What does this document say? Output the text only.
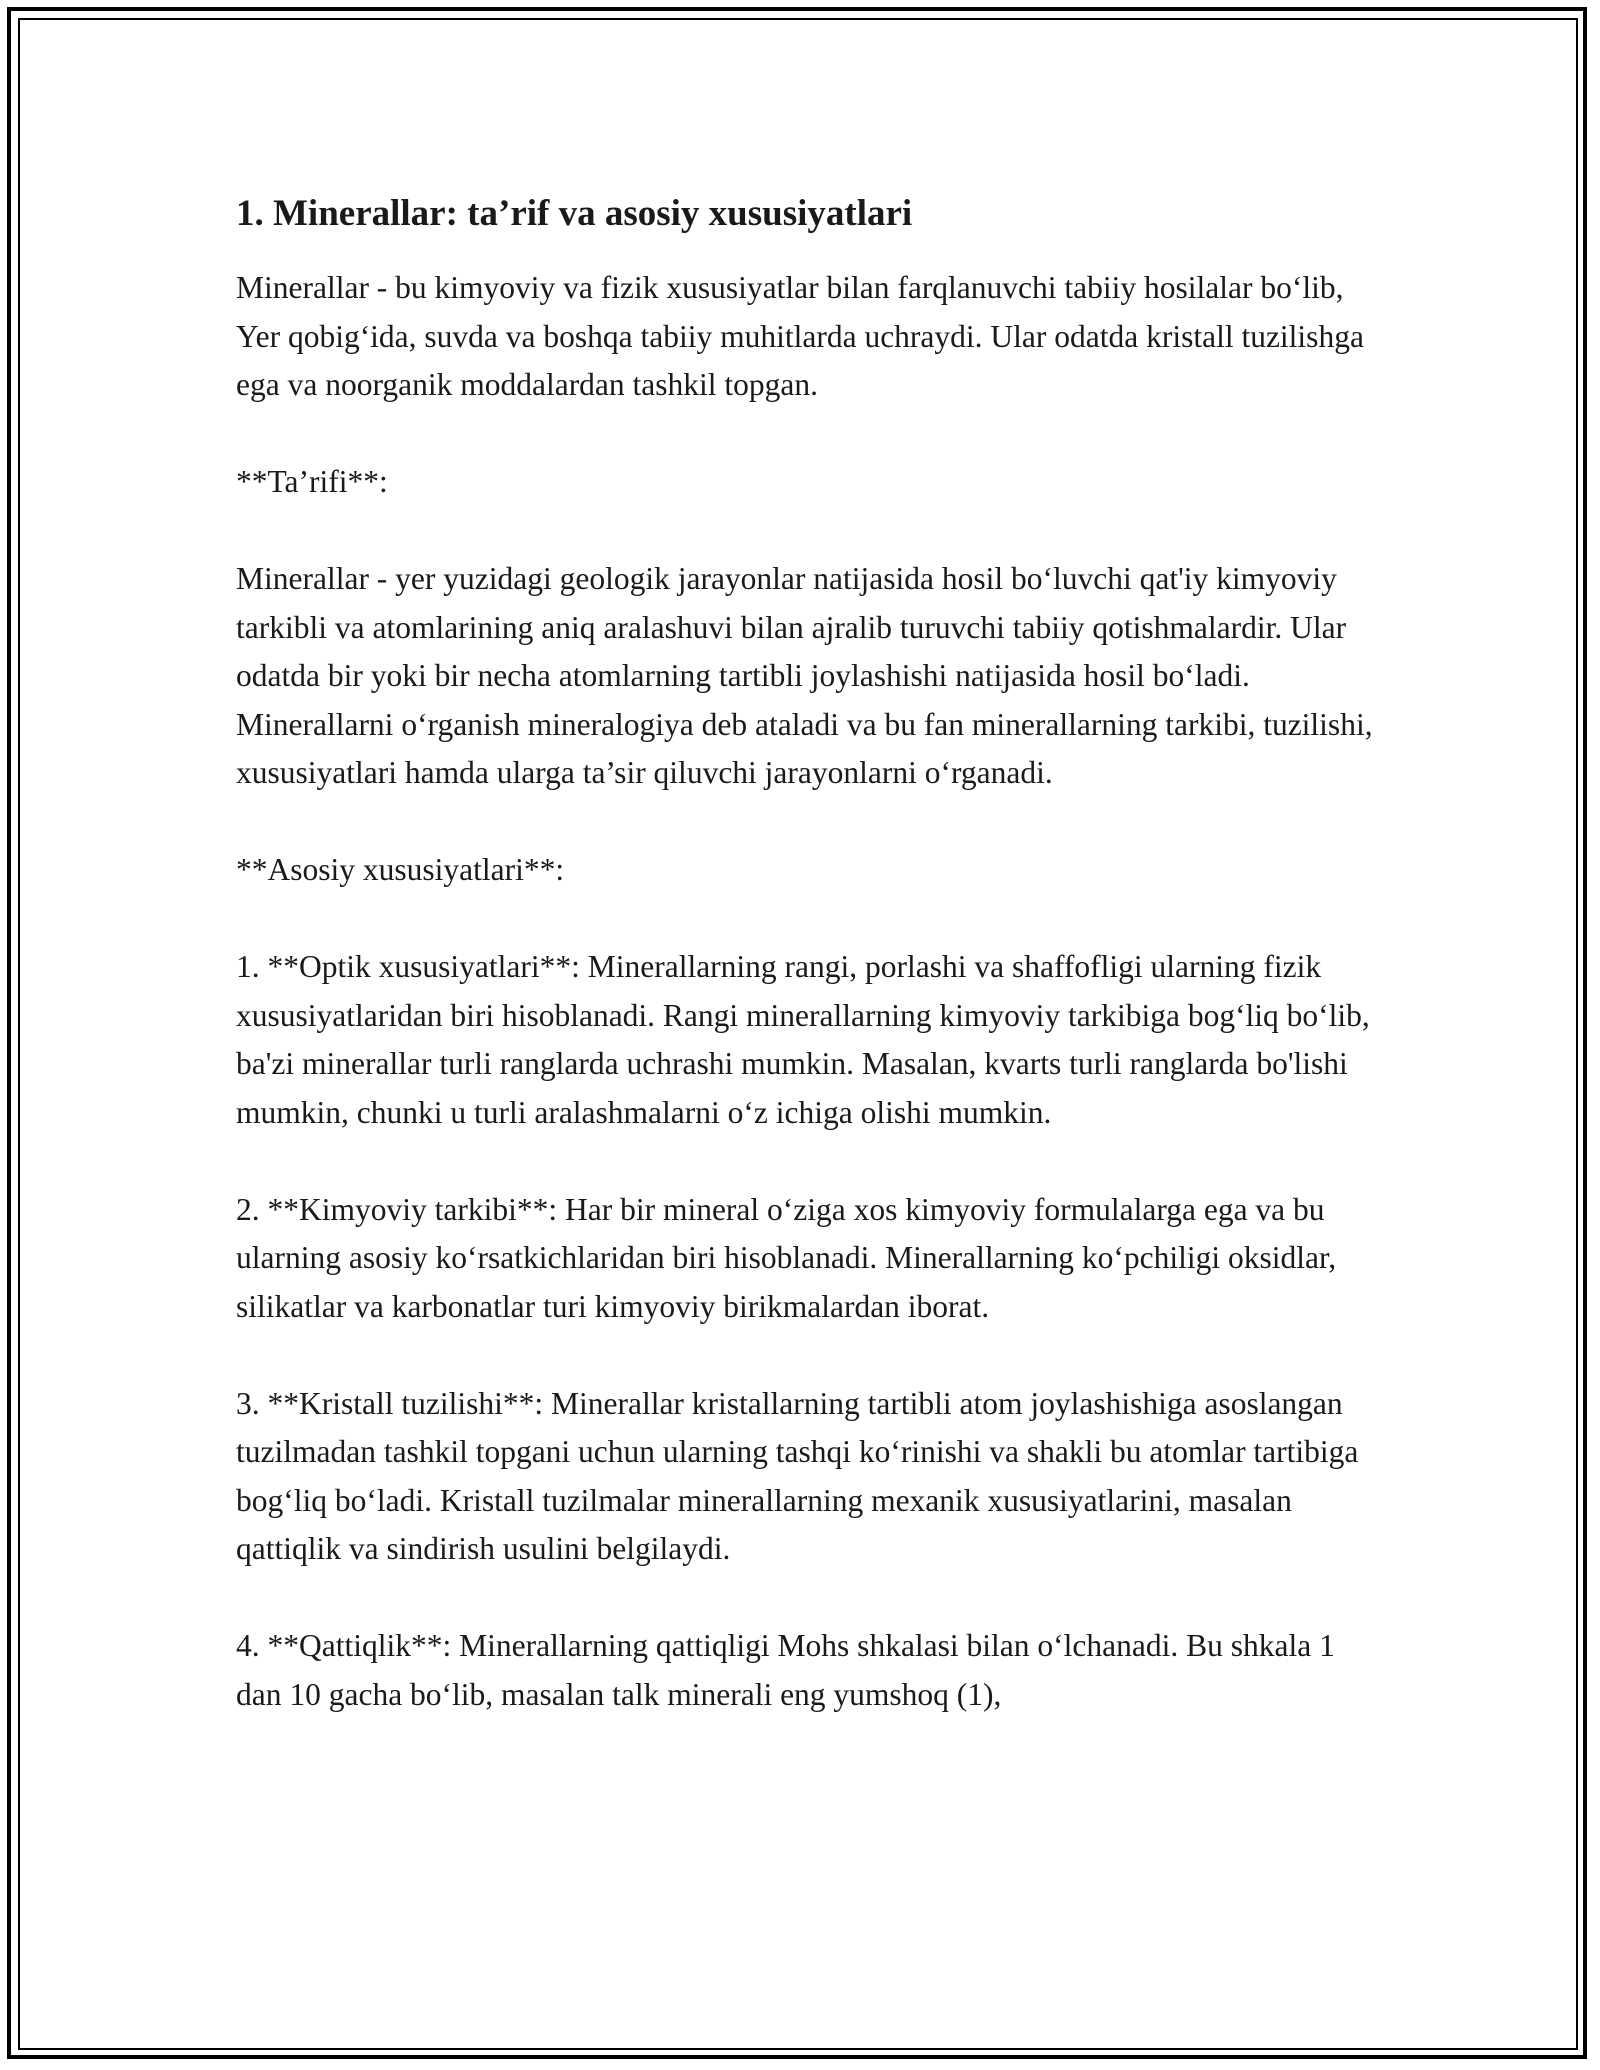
1. Minerallar: ta’rif va asosiy xususiyatlari

Minerallar - bu kimyoviy va fizik xususiyatlar bilan farqlanuvchi tabiiy hosilalar bo‘lib, Yer qobig‘ida, suvda va boshqa tabiiy muhitlarda uchraydi. Ular odatda kristall tuzilishga ega va noorganik moddalardan tashkil topgan.

**Ta’rifi**:

Minerallar - yer yuzidagi geologik jarayonlar natijasida hosil bo‘luvchi qat'iy kimyoviy tarkibli va atomlarining aniq aralashuvi bilan ajralib turuvchi tabiiy qotishmalardir. Ular odatda bir yoki bir necha atomlarning tartibli joylashishi natijasida hosil bo‘ladi. Minerallarni o‘rganish mineralogiya deb ataladi va bu fan minerallarning tarkibi, tuzilishi, xususiyatlari hamda ularga ta’sir qiluvchi jarayonlarni o‘rganadi.

**Asosiy xususiyatlari**:

1. **Optik xususiyatlari**: Minerallarning rangi, porlashi va shaffofligi ularning fizik xususiyatlaridan biri hisoblanadi. Rangi minerallarning kimyoviy tarkibiga bog‘liq bo‘lib, ba'zi minerallar turli ranglarda uchrashi mumkin. Masalan, kvarts turli ranglarda bo'lishi mumkin, chunki u turli aralashmalarni o‘z ichiga olishi mumkin.

2. **Kimyoviy tarkibi**: Har bir mineral o‘ziga xos kimyoviy formulalarga ega va bu ularning asosiy ko‘rsatkichlaridan biri hisoblanadi. Minerallarning ko‘pchiligi oksidlar, silikatlar va karbonatlar turi kimyoviy birikmalardan iborat.

3. **Kristall tuzilishi**: Minerallar kristallarning tartibli atom joylashishiga asoslangan tuzilmadan tashkil topgani uchun ularning tashqi ko‘rinishi va shakli bu atomlar tartibiga bog‘liq bo‘ladi. Kristall tuzilmalar minerallarning mexanik xususiyatlarini, masalan qattiqlik va sindirish usulini belgilaydi.

4. **Qattiqlik**: Minerallarning qattiqligi Mohs shkalasi bilan o‘lchanadi. Bu shkala 1 dan 10 gacha bo‘lib, masalan talk minerali eng yumshoq (1),
